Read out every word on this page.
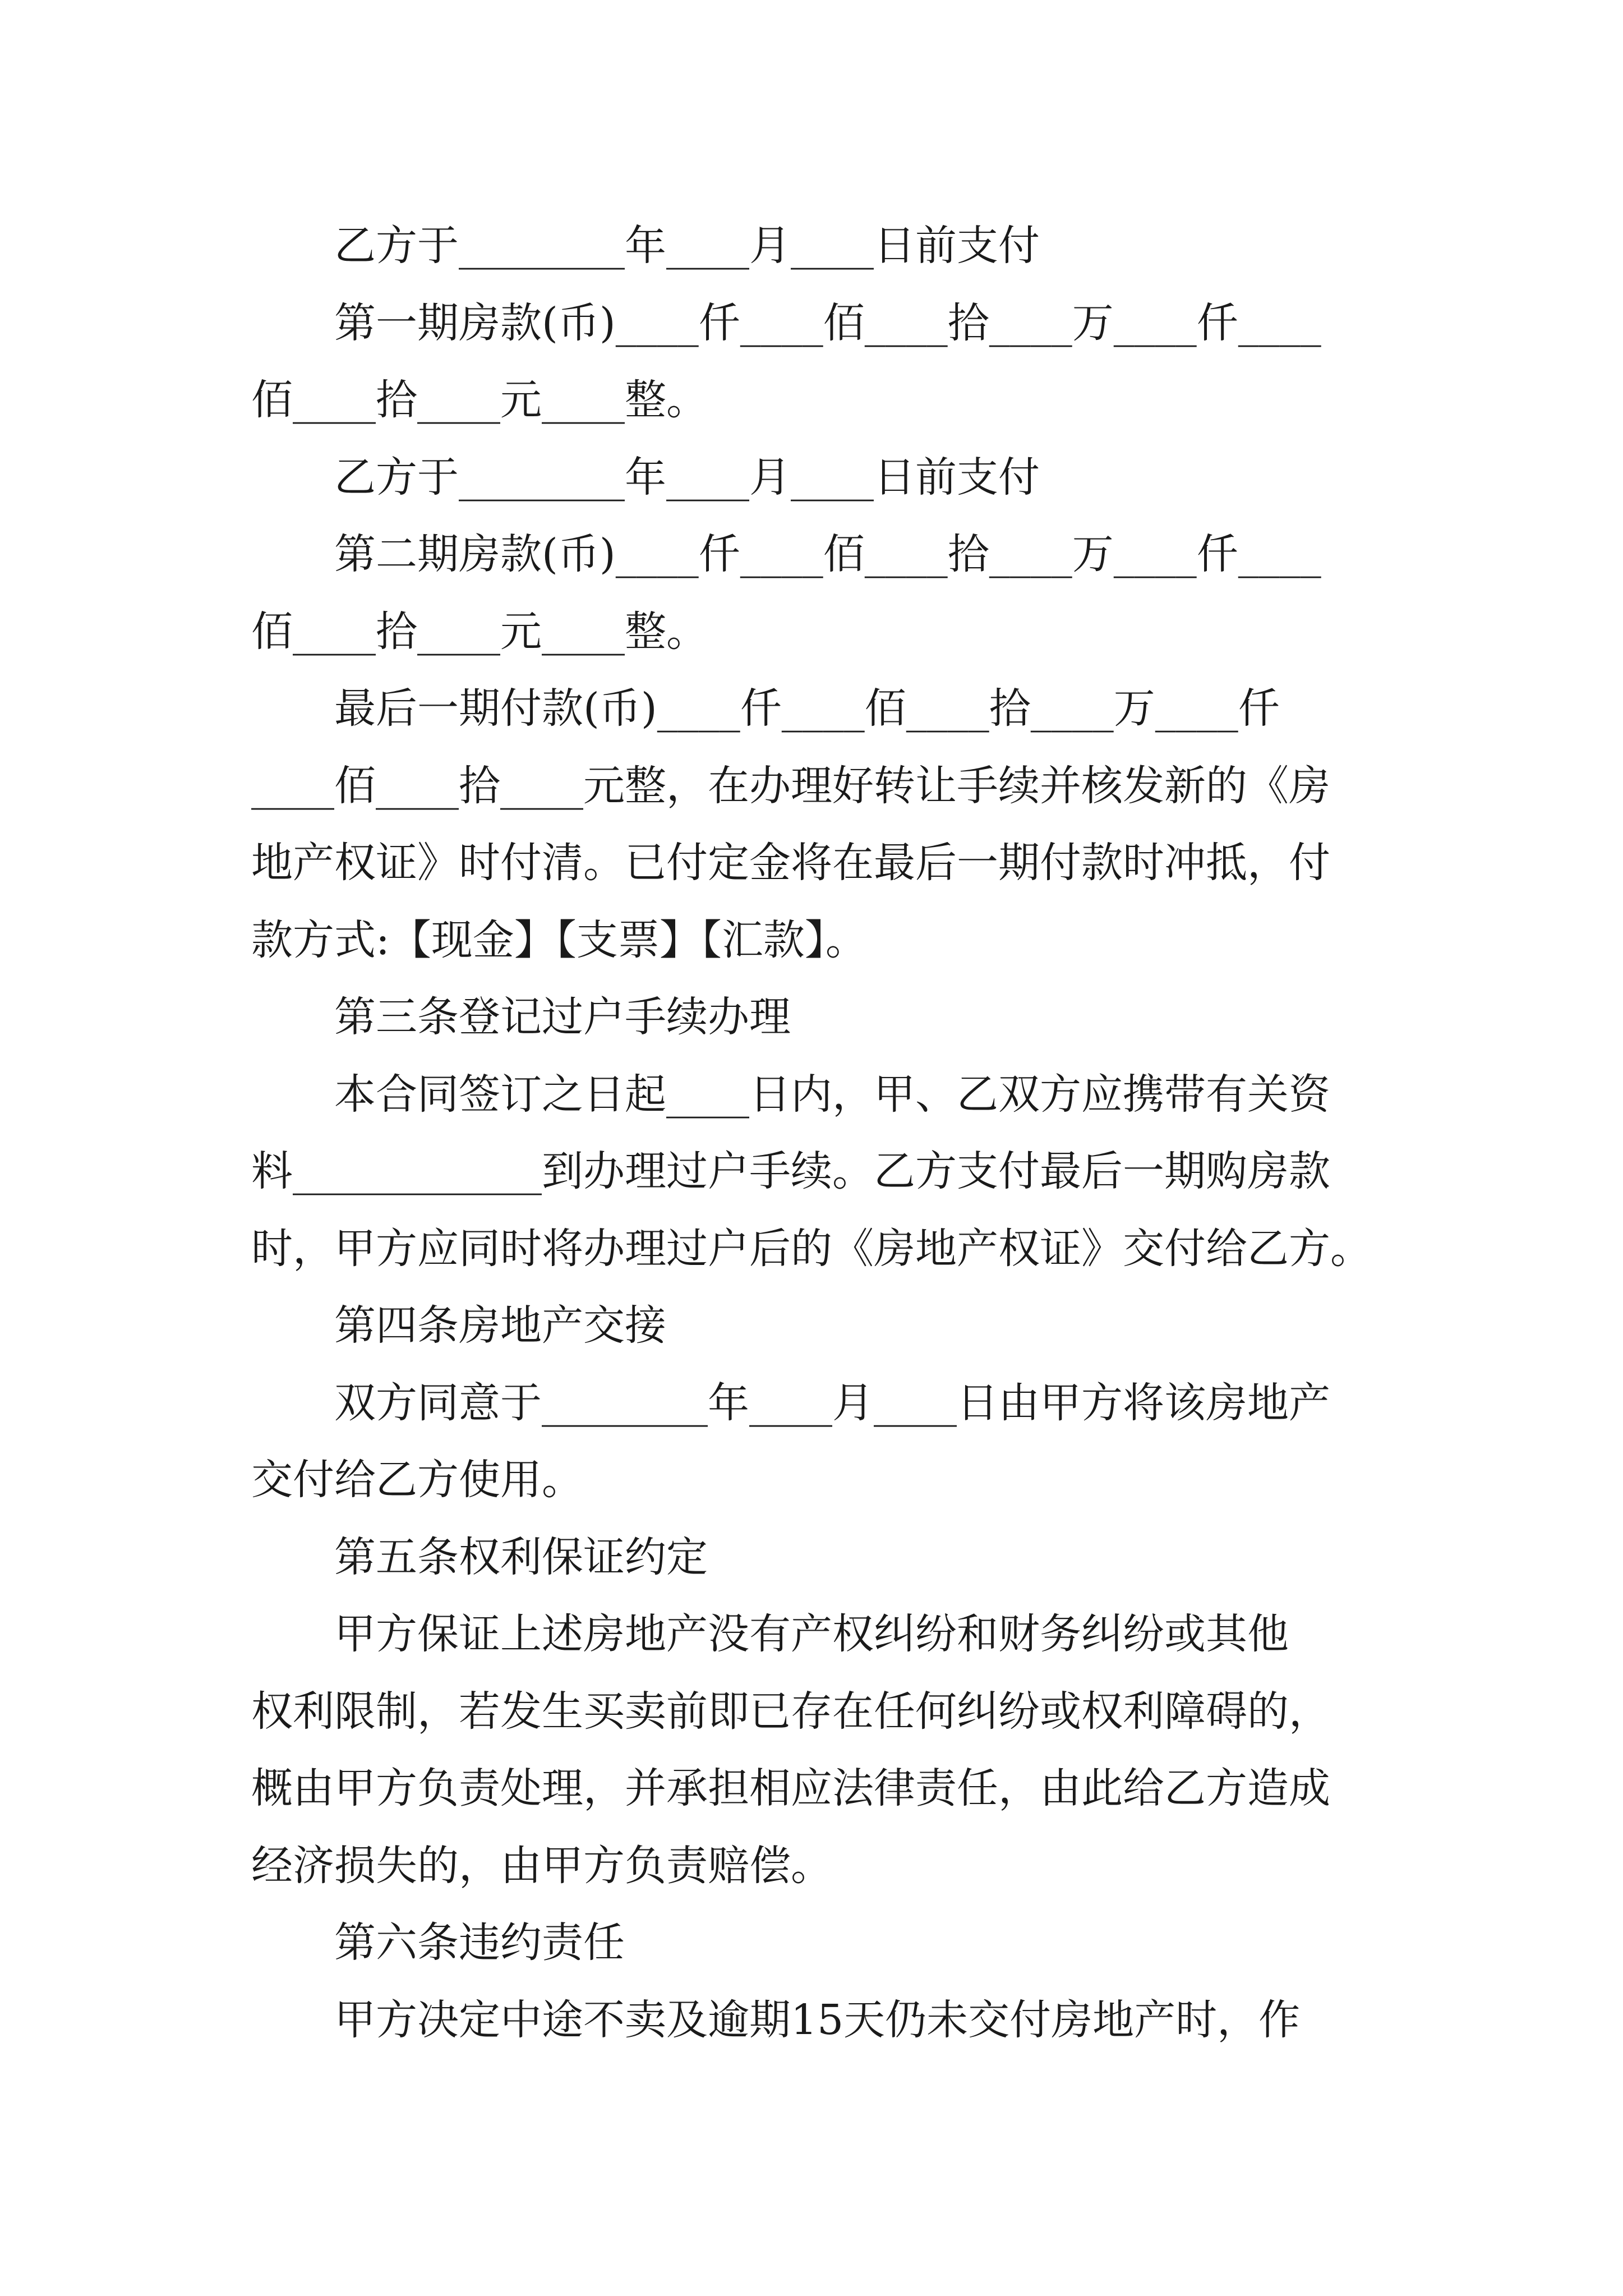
乙方于________年____月____日前支付
第一期房款(币)____仟____佰____拾____万____仟____
佰____拾____元____整。
乙方于________年____月____日前支付
第二期房款(币)____仟____佰____拾____万____仟____
佰____拾____元____整。
最后一期付款(币)____仟____佰____拾____万____仟
____佰____拾____元整，在办理好转让手续并核发新的《房
地产权证》时付清。已付定金将在最后一期付款时冲抵，付
款方式:【现金】【支票】【汇款】。
第三条登记过户手续办理
本合同签订之日起____日内，甲、乙双方应携带有关资
料____________到办理过户手续。乙方支付最后一期购房款
时，甲方应同时将办理过户后的《房地产权证》交付给乙方。
第四条房地产交接
双方同意于________年____月____日由甲方将该房地产
交付给乙方使用。
第五条权利保证约定
甲方保证上述房地产没有产权纠纷和财务纠纷或其他
权利限制，若发生买卖前即已存在任何纠纷或权利障碍的，
概由甲方负责处理，并承担相应法律责任，由此给乙方造成
经济损失的，由甲方负责赔偿。
第六条违约责任
甲方决定中途不卖及逾期15天仍未交付房地产时，作
